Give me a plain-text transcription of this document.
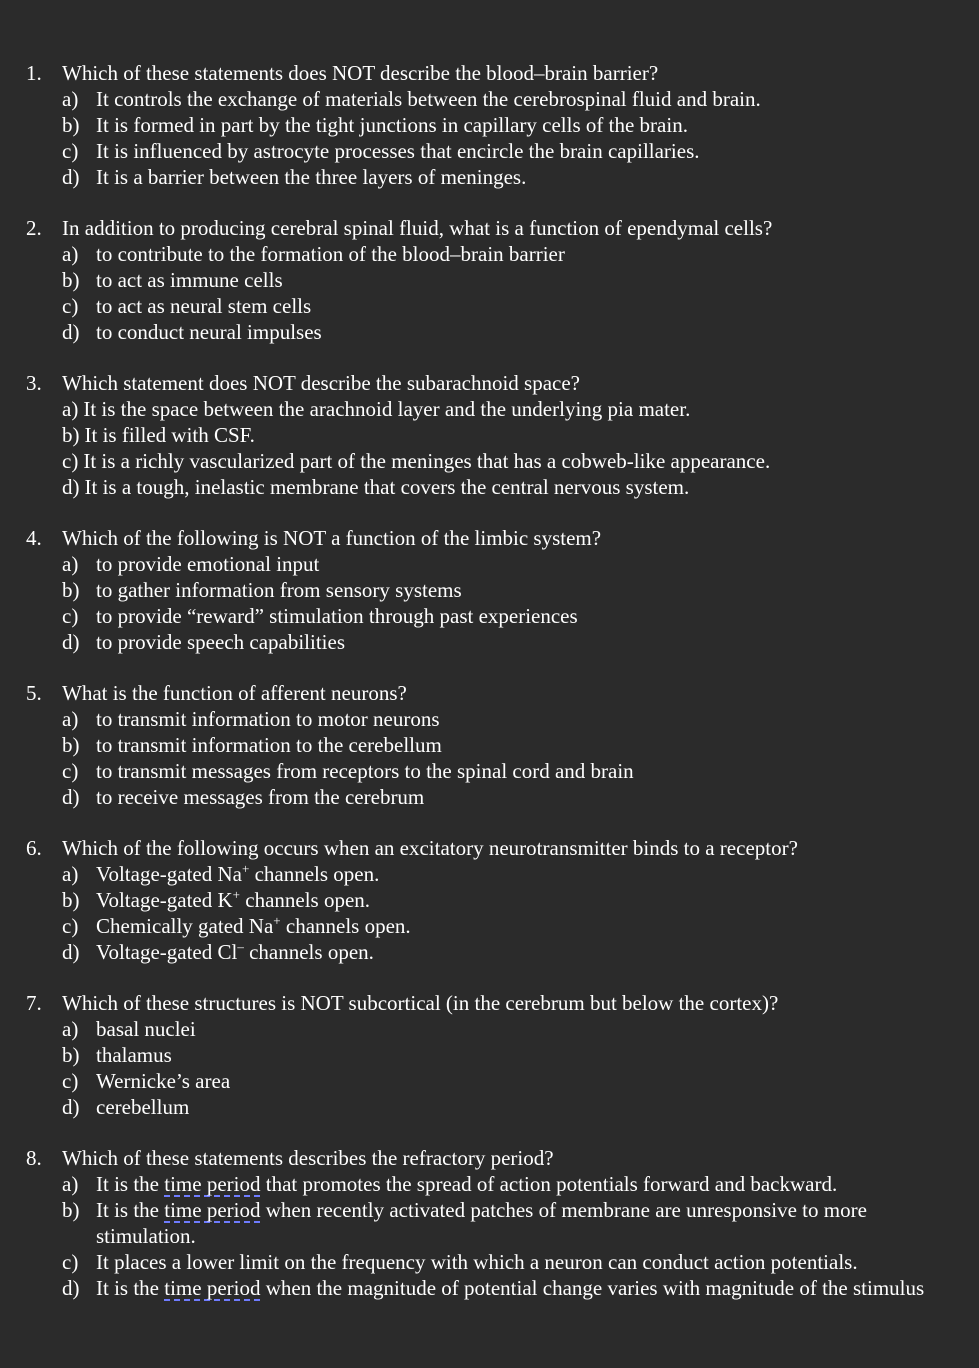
1. Which of these statements does NOT describe the blood–brain barrier?
a) It controls the exchange of materials between the cerebrospinal fluid and brain.
b) It is formed in part by the tight junctions in capillary cells of the brain.
c) It is influenced by astrocyte processes that encircle the brain capillaries.
d) It is a barrier between the three layers of meninges.
2. In addition to producing cerebral spinal fluid, what is a function of ependymal cells?
a) to contribute to the formation of the blood–brain barrier
b) to act as immune cells
c) to act as neural stem cells
d) to conduct neural impulses
3. Which statement does NOT describe the subarachnoid space?
a) It is the space between the arachnoid layer and the underlying pia mater.
b) It is filled with CSF.
c) It is a richly vascularized part of the meninges that has a cobweb-like appearance.
d) It is a tough, inelastic membrane that covers the central nervous system.
4. Which of the following is NOT a function of the limbic system?
a) to provide emotional input
b) to gather information from sensory systems
c) to provide “reward” stimulation through past experiences
d) to provide speech capabilities
5. What is the function of afferent neurons?
a) to transmit information to motor neurons
b) to transmit information to the cerebellum
c) to transmit messages from receptors to the spinal cord and brain
d) to receive messages from the cerebrum
6. Which of the following occurs when an excitatory neurotransmitter binds to a receptor?
a) Voltage-gated Na+ channels open.
b) Voltage-gated K+ channels open.
c) Chemically gated Na+ channels open.
d) Voltage-gated Cl– channels open.
7. Which of these structures is NOT subcortical (in the cerebrum but below the cortex)?
a) basal nuclei
b) thalamus
c) Wernicke’s area
d) cerebellum
8. Which of these statements describes the refractory period?
a) It is the time period that promotes the spread of action potentials forward and backward.
b) It is the time period when recently activated patches of membrane are unresponsive to more stimulation.
c) It places a lower limit on the frequency with which a neuron can conduct action potentials.
d) It is the time period when the magnitude of potential change varies with magnitude of the stimulus
